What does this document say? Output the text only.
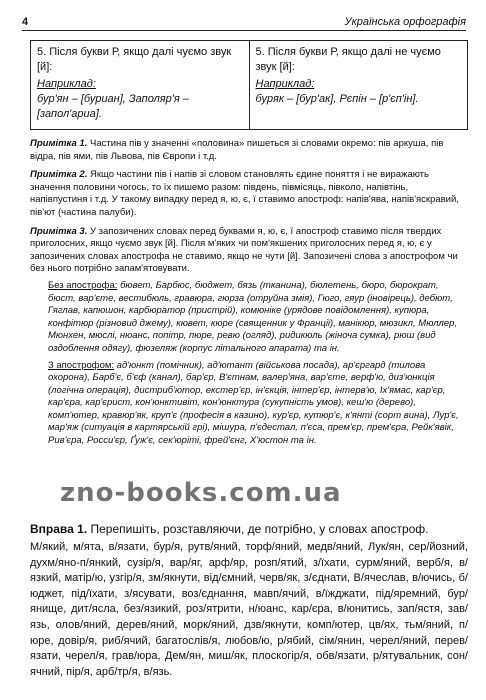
4	Українська орфографія
5. Після букви Р, якщо далі чуємо звук [й]:
Наприклад:
бур'ян – [буриан], Заполяр'я – [запол'ариа].
5. Після букви Р, якщо далі не чуємо звук [й]:
Наприклад:
буряк – [бур'ак], Рєпін – [р'єп'ін].

Примітка 1. Частина пів у значенні «половина» пишеться зі словами окремо: пів аркуша, пів відра, пів ями, пів Львова, пів Європи і т.д.

Примітка 2. Якщо частини пів і напів зі словом становлять єдине поняття і не виражають значення половини чогось, то їх пишемо разом: південь, півмісяць, півколо, напівтінь, напівпустиня і т.д. У такому випадку перед я, ю, є, ї ставимо апостроф: напів'ява, напів'яскравий, пів'ют (частина палуби).

Примітка 3. У запозичених словах перед буквами я, ю, є, ї апостроф ставимо після твердих приголосних, якщо чуємо звук [й]. Після м'яких чи пом'якшених приголосних перед я, ю, є у запозичених словах апострофа не ставимо, якщо не чути [й]. Запозичені слова з апострофом чи без нього потрібно запам'ятовувати.

Без апострофа: бювет, Барбюс, бюджет, бязь (тканина), бюлетень, бюро, бюрократ, бюст, вар'єте, вестибюль, гравюра, гюрза (отруйна змія), Гюго, гяур (іновірець), дебют, Гяглав, капюшон, карбюратор (пристрій), комюніке (урядове повідомлення), купюра, конфітюр (різновид джему), кювет, кюре (священник у Франції), манікюр, мюзикл, Мюллер, Мюнхен, мюслі, нюанс, попітр, пюре, ревю (огляд), ридикюль (жіноча сумка), рюш (вид оздоблення одягу), фюзеляж (корпус літального апарата) та ін.

З апострофом: ад'юнкт (помічник), ад'ютант (військова посада), ар'єргард (тилова охорона), Барб'є, б'єф (канал), бар'єр, В'єтнам, валер'яна, вар'єте, верф'ю, диз'юнкція (логічна операція), дистриб'ютор, екстер'єр, ін'єкція, інтер'єр, інтерв'ю, Іх'ямас, кар'єр, кар'єра, кар'єрист, кон'юнктивіт, кон'юнктура (сукупність умов), кеш'ю (дерево), комп'ютер, кравюр'як, круп'є (професія в казино), кур'єр, кутюр'є, к'янті (сорт вина), Лур'є, мар'яж (ситуація в картярській грі), мішура, п'єдестал, п'єса, прем'єр, прем'єра, Рейк'явік, Рив'єра, Росси'єр, Ґуж'є, сек'юріті, фрей'єнг, X'юстон та ін.

zno-books.com.ua
Вправа 1. Перепишіть, розставляючи, де потрібно, у словах апостроф.
М/який, м/ята, в/язати, бур/я, рутв/яний, торф/яний, медв/яний, Лук/ян, сер/йозний, духм/яно-п/янкий, сузір/я, вар/яг, арф/яр, розп/ятий, з/їхати, сурм/яний, верб/я, в/язкий, матір/ю, узгір/я, зм/якнути, від/ємний, черв/як, з/єднати, В/ячеслав, в/ючись, б/юджет, під/їхати, з/ясувати, воз/єднання, мавп/ячий, в/їжджати, під/яремний, бур/янище, дит/ясла, без/язикий, роз/ятрити, н/юанс, кар/єра, в/юнитись, зап/ястя, зав/язь, олов/яний, дерев/яний, морк/яний, дзв/якнути, комп/ютер, цв/ях, тьм/яний, п/юре, довір/я, риб/ячий, багатослів/я, любов/ю, р/ябий, сім/янин, черел/яний, перев/язати, черел/я, грав/юра, Дем/ян, миш/як, плоскогір/я, обв/язати, р/ятувальник, сон/ячний, пір/я, арб/тр/я, в/язь.
